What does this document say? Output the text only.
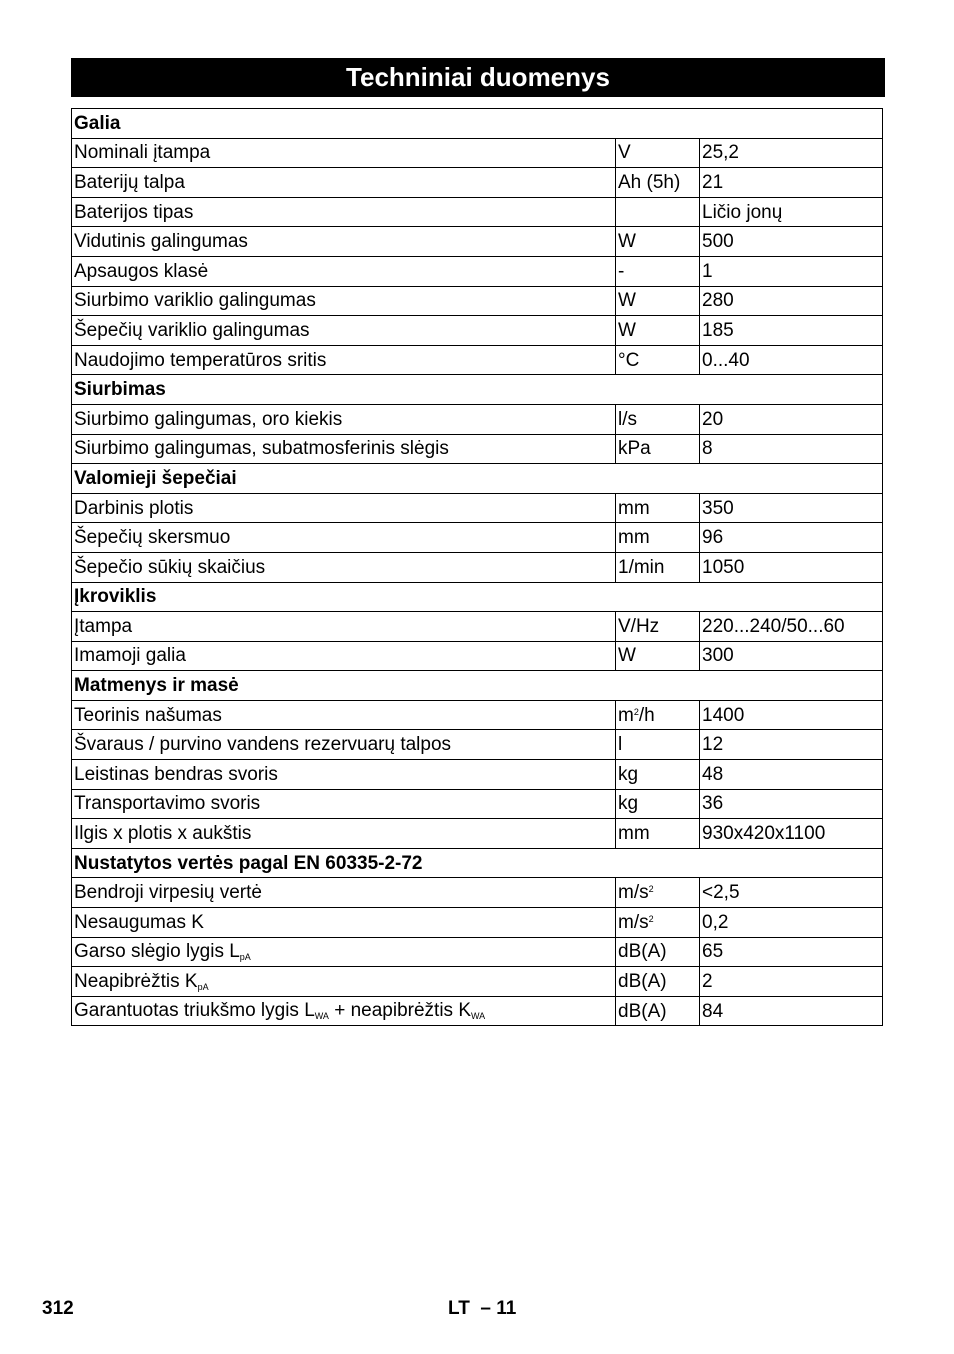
Techniniai duomenys
Galia		
Nominali įtampa	V	25,2
Baterijų talpa	Ah (5h)	21
Baterijos tipas		Ličio jonų
Vidutinis galingumas	W	500
Apsaugos klasė	-	1
Siurbimo variklio galingumas	W	280
Šepečių variklio galingumas	W	185
Naudojimo temperatūros sritis	°C	0...40
Siurbimas		
Siurbimo galingumas, oro kiekis	l/s	20
Siurbimo galingumas, subatmosferinis slėgis	kPa	8
Valomieji šepečiai		
Darbinis plotis	mm	350
Šepečių skersmuo	mm	96
Šepečio sūkių skaičius	1/min	1050
Įkroviklis		
Įtampa	V/Hz	220...240/50...60
Imamoji galia	W	300
Matmenys ir masė		
Teorinis našumas	$m^2/h$	1400
Švaraus / purvino vandens rezervuarų talpos	l	12
Leistinas bendras svoris	kg	48
Transportavimo svoris	kg	36
Ilgis x plotis x aukštis	mm	930x420x1100
Nustatytos vertės pagal EN 60335-2-72		
Bendroji virpesių vertė	$m/s^2$	<2,5
Nesaugumas K	$m/s^2$	0,2
Garso slėgio lygis $L_{pA}$	dB(A)	65
Neapibrėžtis $K_{pA}$	dB(A)	2
Garantuotas triukšmo lygis $L_{WA}$ + neapibrėžtis $K_{WA}$	dB(A)	84
312	LT  – 11
